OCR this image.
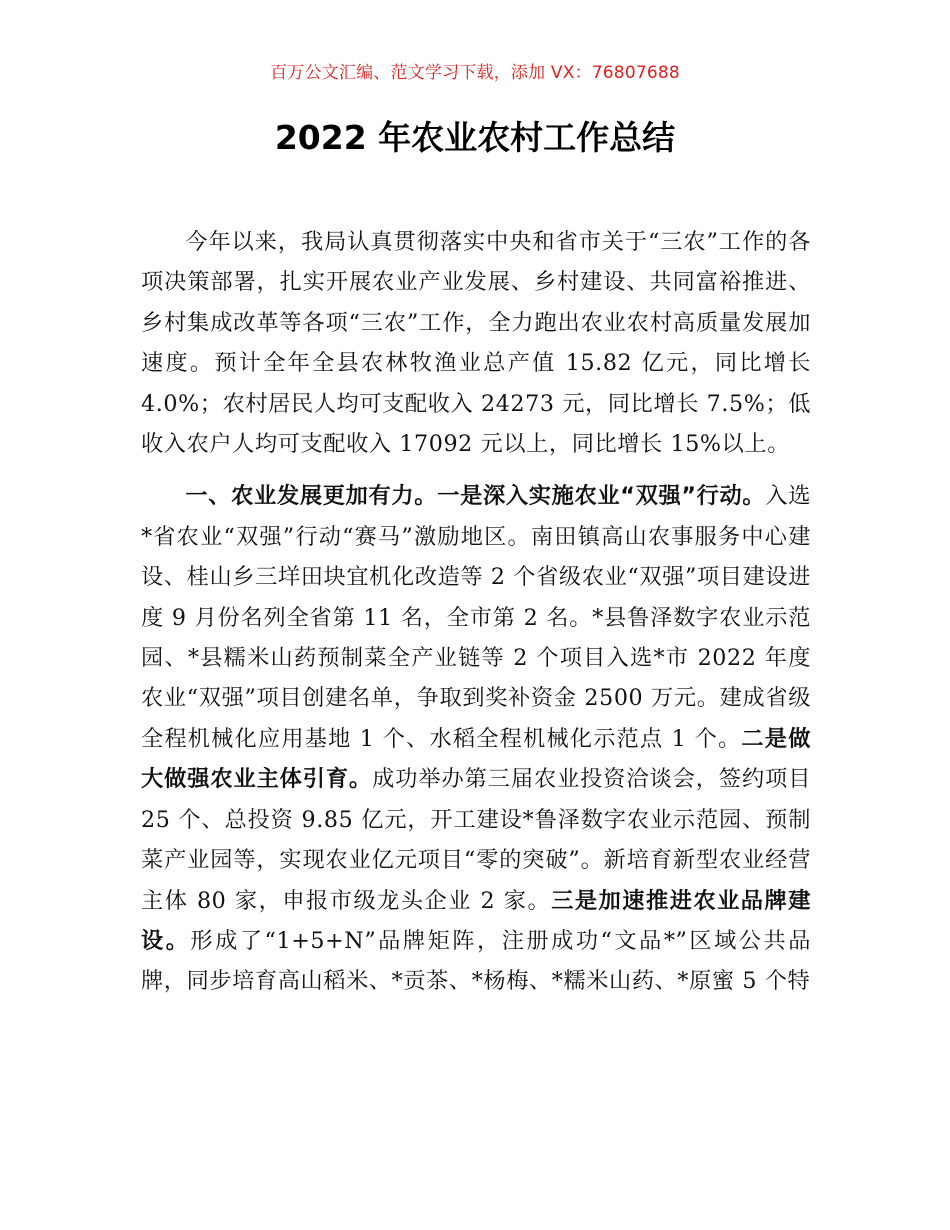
百万公文汇编、范文学习下载，添加 VX：76807688
2022 年农业农村工作总结

今年以来，我局认真贯彻落实中央和省市关于“三农”工作的各项决策部署，扎实开展农业产业发展、乡村建设、共同富裕推进、乡村集成改革等各项“三农”工作，全力跑出农业农村高质量发展加速度。预计全年全县农林牧渔业总产值 15.82 亿元，同比增长 4.0%；农村居民人均可支配收入 24273 元，同比增长 7.5%；低收入农户人均可支配收入 17092 元以上，同比增长 15%以上。

一、农业发展更加有力。一是深入实施农业“双强”行动。入选*省农业“双强”行动“赛马”激励地区。南田镇高山农事服务中心建设、桂山乡三垟田块宜机化改造等 2 个省级农业“双强”项目建设进度 9 月份名列全省第 11 名，全市第 2 名。*县鲁泽数字农业示范园、*县糯米山药预制菜全产业链等 2 个项目入选*市 2022 年度农业“双强”项目创建名单，争取到奖补资金 2500 万元。建成省级全程机械化应用基地 1 个、水稻全程机械化示范点 1 个。二是做大做强农业主体引育。成功举办第三届农业投资洽谈会，签约项目 25 个、总投资 9.85 亿元，开工建设*鲁泽数字农业示范园、预制菜产业园等，实现农业亿元项目“零的突破”。新培育新型农业经营主体 80 家，申报市级龙头企业 2 家。三是加速推进农业品牌建设。形成了“1+5+N”品牌矩阵，注册成功“文品*”区域公共品牌，同步培育高山稻米、*贡茶、*杨梅、*糯米山药、*原蜜 5 个特
